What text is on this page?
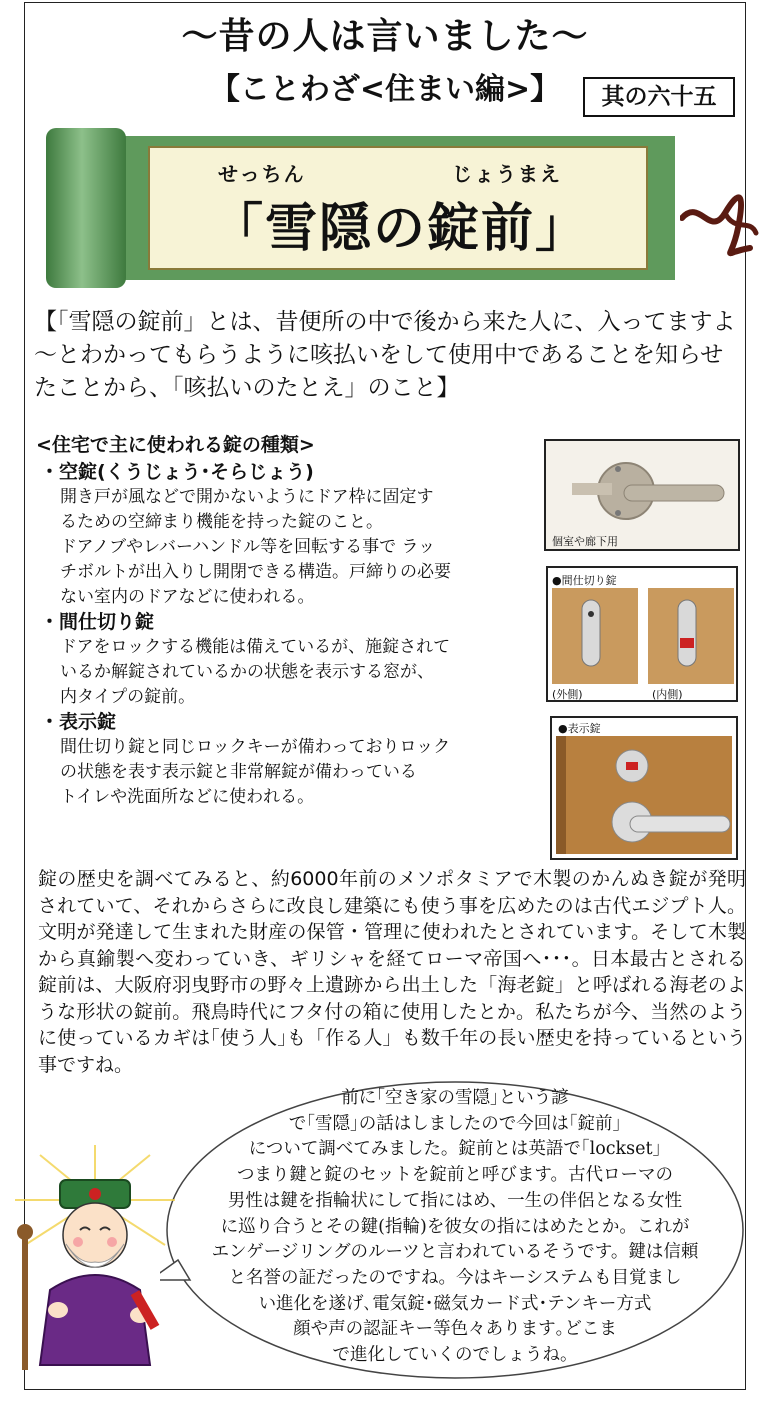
～昔の人は言いました～
【ことわざ<住まい編>】	其の六十五
せっちん	じょうまえ
「雪隠の錠前」
【「雪隠の錠前」とは、昔便所の中で後から来た人に、入ってますよ～とわかってもらうように咳払いをして使用中であることを知らせたことから、「咳払いのたとえ」のこと】
<住宅で主に使われる錠の種類>
・空錠(くうじょう･そらじょう)
開き戸が風などで開かないようにドア枠に固定す
るための空締まり機能を持った錠のこと。
ドアノブやレバーハンドル等を回転する事で ラッ
チボルトが出入りし開閉できる構造。戸締りの必要
ない室内のドアなどに使われる。
・間仕切り錠
ドアをロックする機能は備えているが、施錠されて
いるか解錠されているかの状態を表示する窓が、
内タイプの錠前。
・表示錠
間仕切り錠と同じロックキーが備わっておりロック
の状態を表す表示錠と非常解錠が備わっている
トイレや洗面所などに使われる。
個室や廊下用
●間仕切り錠
(外側)	(内側)
●表示錠
錠の歴史を調べてみると、約6000年前のメソポタミアで木製のかんぬき錠が発明されていて、それからさらに改良し建築にも使う事を広めたのは古代エジプト人。文明が発達して生まれた財産の保管・管理に使われたとされています。そして木製から真鍮製へ変わっていき、ギリシャを経てローマ帝国へ･･･。日本最古とされる錠前は、大阪府羽曳野市の野々上遺跡から出土した「海老錠」と呼ばれる海老のような形状の錠前。飛鳥時代にフタ付の箱に使用したとか。私たちが今、当然のように使っているカギは｢使う人｣も「作る人」も数千年の長い歴史を持っているという事ですね。
前に｢空き家の雪隠｣という諺
で｢雪隠｣の話はしましたので今回は｢錠前｣
について調べてみました。錠前とは英語で｢lockset｣
つまり鍵と錠のセットを錠前と呼びます。古代ローマの
男性は鍵を指輪状にして指にはめ、一生の伴侶となる女性
に巡り合うとその鍵(指輪)を彼女の指にはめたとか。これが
エンゲージリングのルーツと言われているそうです。鍵は信頼
と名誉の証だったのですね。今はキーシステムも目覚まし
い進化を遂げ､電気錠･磁気カード式･テンキー方式
顔や声の認証キー等色々あります｡どこま
で進化していくのでしょうね。
